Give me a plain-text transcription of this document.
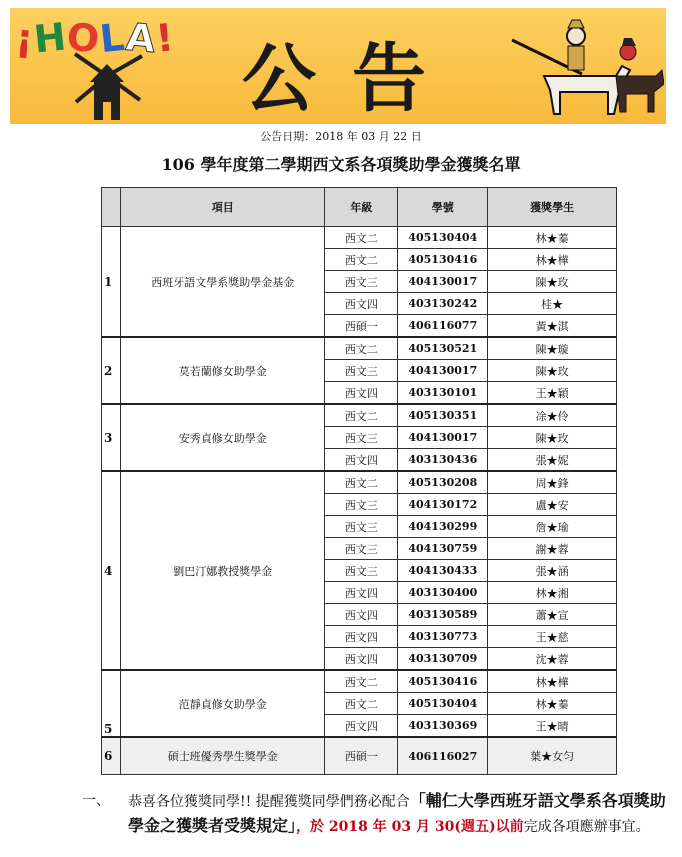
¡HOLA! 公告
公告日期：2018 年 03 月 22 日
106 學年度第二學期西文系各項獎助學金獲獎名單
	項目	年級	學號	獲獎學生
1	西班牙語文學系獎助學金基金	西文二	405130404	林★蓁
		西文二	405130416	林★樺
		西文三	404130017	陳★玫
		西文四	403130242	桂★
		西碩一	406116077	黃★淇
2	莫若蘭修女助學金	西文二	405130521	陳★璇
		西文三	404130017	陳★玫
		西文四	403130101	王★穎
3	安秀貞修女助學金	西文二	405130351	凃★伶
		西文三	404130017	陳★玫
		西文四	403130436	張★妮
4	劉巴汀娜教授獎學金	西文二	405130208	周★鋒
		西文三	404130172	盧★安
		西文三	404130299	詹★瑜
		西文三	404130759	謝★蓉
		西文三	404130433	張★涵
		西文四	403130400	林★湘
		西文四	403130589	蕭★宣
		西文四	403130773	王★慈
		西文四	403130709	沈★蓉
5	范靜貞修女助學金	西文二	405130416	林★樺
		西文二	405130404	林★蓁
		西文四	403130369	王★晴
6	碩士班優秀學生獎學金	西碩一	406116027	葉★女匀
一、 恭喜各位獲獎同學!! 提醒獲獎同學們務必配合「輔仁大學西班牙語文學系各項獎助學金之獲獎者受獎規定」，於 2018 年 03 月 30(週五)以前完成各項應辦事宜。
